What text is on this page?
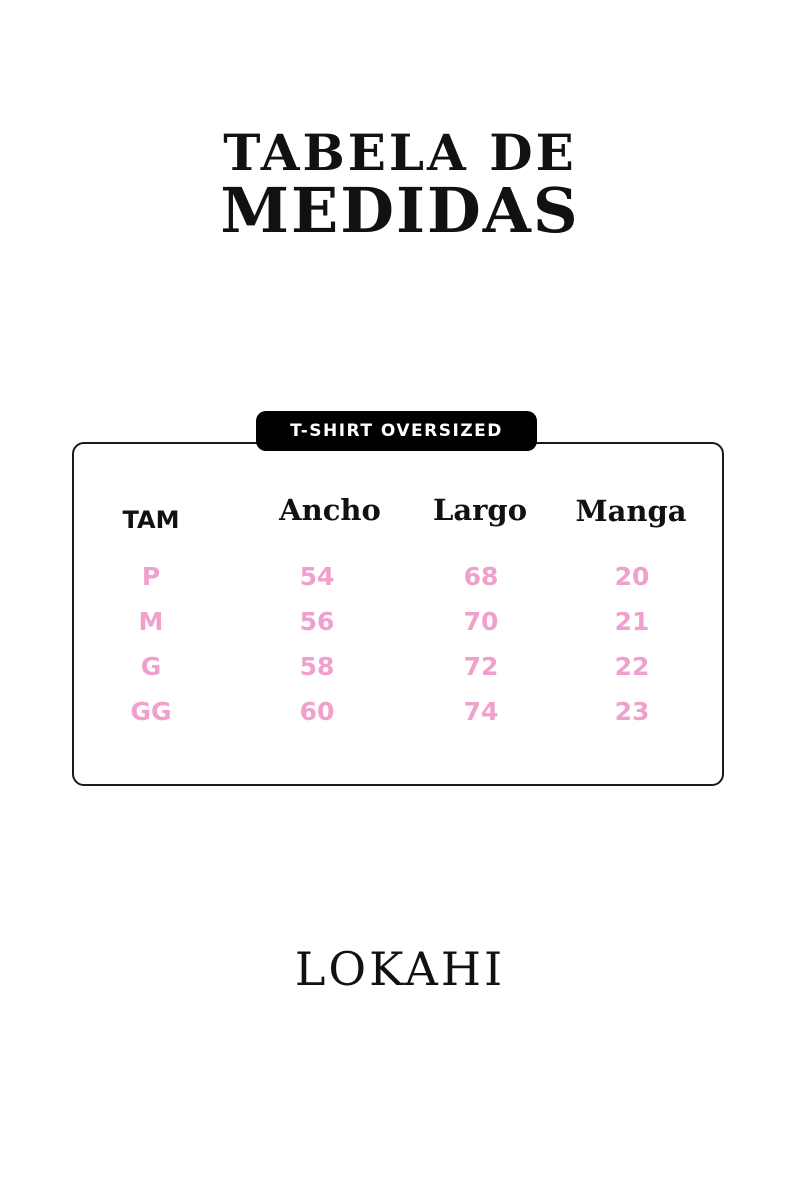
TABELA DE
MEDIDAS
T-SHIRT OVERSIZED
TAM	Ancho	Largo	Manga
P	54	68	20
M	56	70	21
G	58	72	22
GG	60	74	23
LOKAHI
